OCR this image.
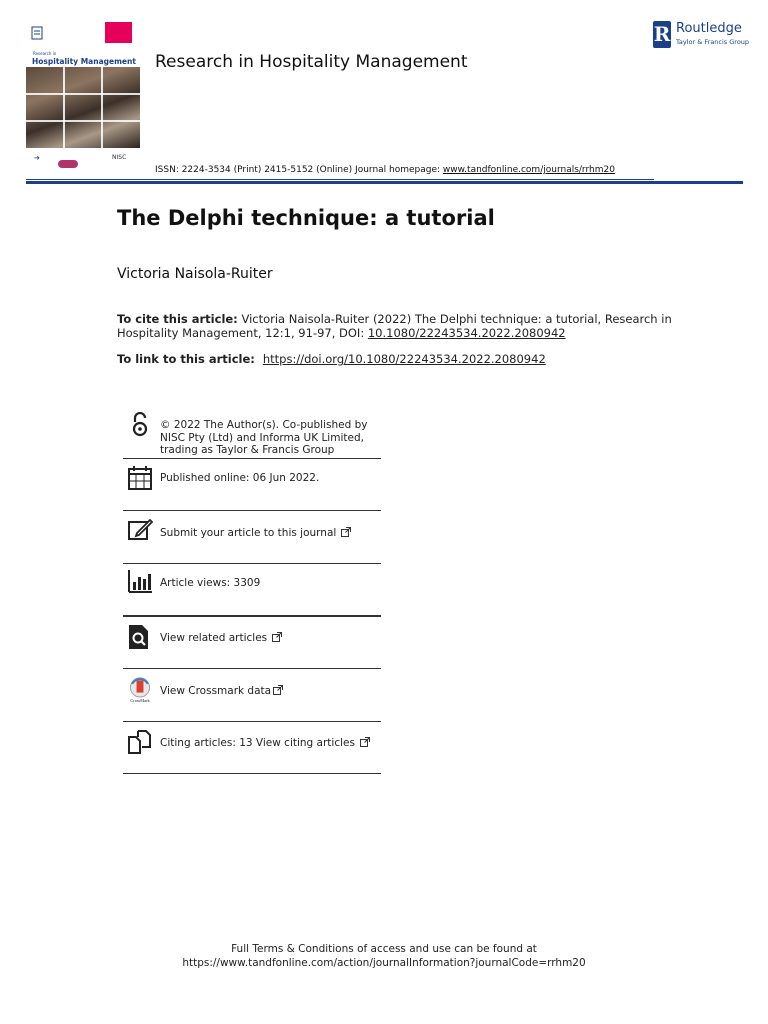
Research in
Hospitality Management
➔	NISC
Research in Hospitality Management
R Routledge
Taylor & Francis Group
ISSN: 2224-3534 (Print) 2415-5152 (Online) Journal homepage: www.tandfonline.com/journals/rrhm20
The Delphi technique: a tutorial
Victoria Naisola-Ruiter
To cite this article: Victoria Naisola-Ruiter (2022) The Delphi technique: a tutorial, Research in Hospitality Management, 12:1, 91-97, DOI: 10.1080/22243534.2022.2080942
To link to this article: https://doi.org/10.1080/22243534.2022.2080942
© 2022 The Author(s). Co-published by NISC Pty (Ltd) and Informa UK Limited, trading as Taylor & Francis Group
Published online: 06 Jun 2022.
Submit your article to this journal
Article views: 3309
View related articles
CrossMark
View Crossmark data
Citing articles: 13 View citing articles
Full Terms & Conditions of access and use can be found at
https://www.tandfonline.com/action/journalInformation?journalCode=rrhm20
